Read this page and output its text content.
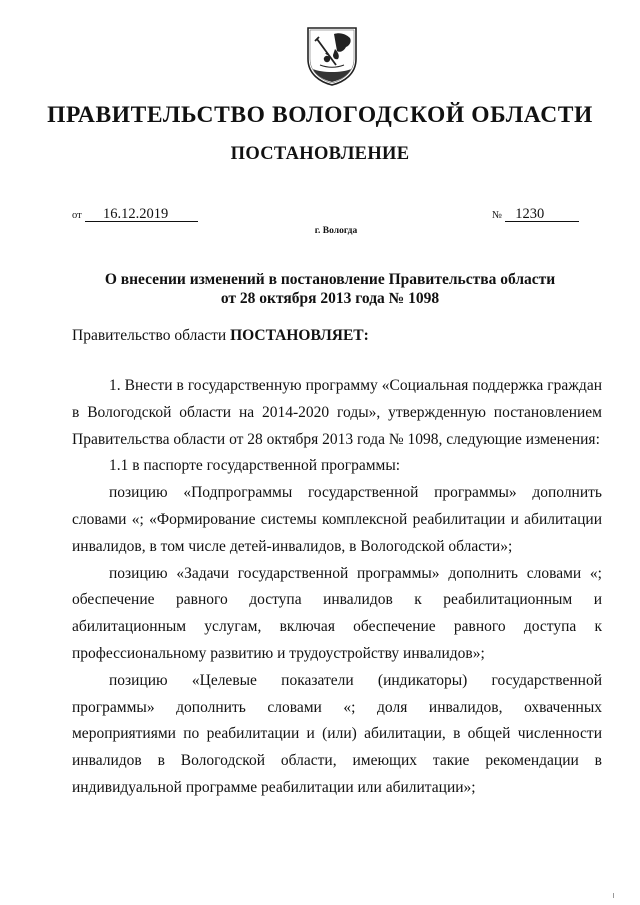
ПРАВИТЕЛЬСТВО ВОЛОГОДСКОЙ ОБЛАСТИ
ПОСТАНОВЛЕНИЕ
от 16.12.2019	№ 1230
г. Вологда
О внесении изменений в постановление Правительства области
от 28 октября 2013 года № 1098
Правительство области ПОСТАНОВЛЯЕТ:

1. Внести в государственную программу «Социальная поддержка граждан в Вологодской области на 2014-2020 годы», утвержденную постановлением Правительства области от 28 октября 2013 года № 1098, следующие изменения:

1.1 в паспорте государственной программы:

позицию «Подпрограммы государственной программы» дополнить словами «; «Формирование системы комплексной реабилитации и абилитации инвалидов, в том числе детей-инвалидов, в Вологодской области»;

позицию «Задачи государственной программы» дополнить словами «; обеспечение равного доступа инвалидов к реабилитационным и абилитационным услугам, включая обеспечение равного доступа к профессиональному развитию и трудоустройству инвалидов»;

позицию «Целевые показатели (индикаторы) государственной программы» дополнить словами «; доля инвалидов, охваченных мероприятиями по реабилитации и (или) абилитации, в общей численности инвалидов в Вологодской области, имеющих такие рекомендации в индивидуальной программе реабилитации или абилитации»;
